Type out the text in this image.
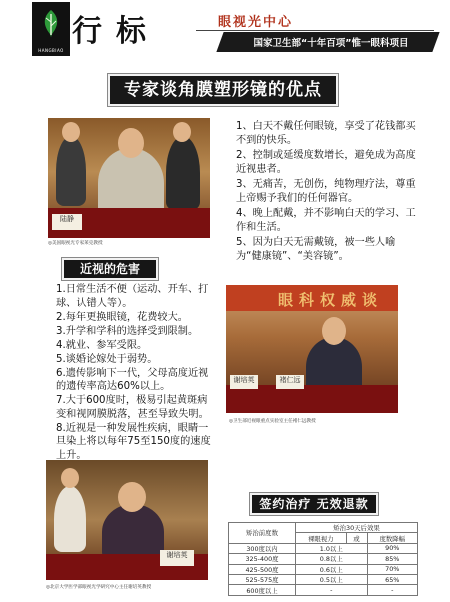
HANGBIAO
行标	眼视光中心
国家卫生部“十年百项”惟一眼科项目
专家谈角膜塑形镜的优点
陆静
◎美国眼视光专家莱克教授
1、白天不戴任何眼镜，享受了花钱都买不到的快乐。
2、控制或延缓度数增长，避免成为高度近视患者。
3、无痛苦，无创伤，纯物理疗法，尊重上帝赐予我们的任何器官。
4、晚上配戴，并不影响白天的学习、工作和生活。
5、因为白天无需戴镜，被一些人喻为“健康镜”、“美容镜”。
近视的危害
1.日常生活不便（运动、开车、打球、认错人等）。
2.每年更换眼镜，花费较大。
3.升学和学科的选择受到限制。
4.就业、参军受限。
5.谈婚论嫁处于弱势。
6.遗传影响下一代，父母高度近视的遗传率高达60%以上。
7.大于600度时，极易引起黄斑病变和视网膜脱落，甚至导致失明。
8.近视是一种发展性疾病，眼睛一旦染上将以每年75至150度的速度上升。
眼科权威谈
谢培英	褚仁远
◎卫生部近视眼重点实验室主任褚仁远教授
谢培英
◎北京大学医学部眼视光学研究中心主任谢培英教授
签约治疗 无效退款
矫治前度数	矫治30天后效果		
	裸眼视力	或	度数降幅
300度以内	1.0以上		90%
325-400度	0.8以上		85%
425-500度	0.6以上		70%
525-575度	0.5以上		65%
600度以上	-		-
